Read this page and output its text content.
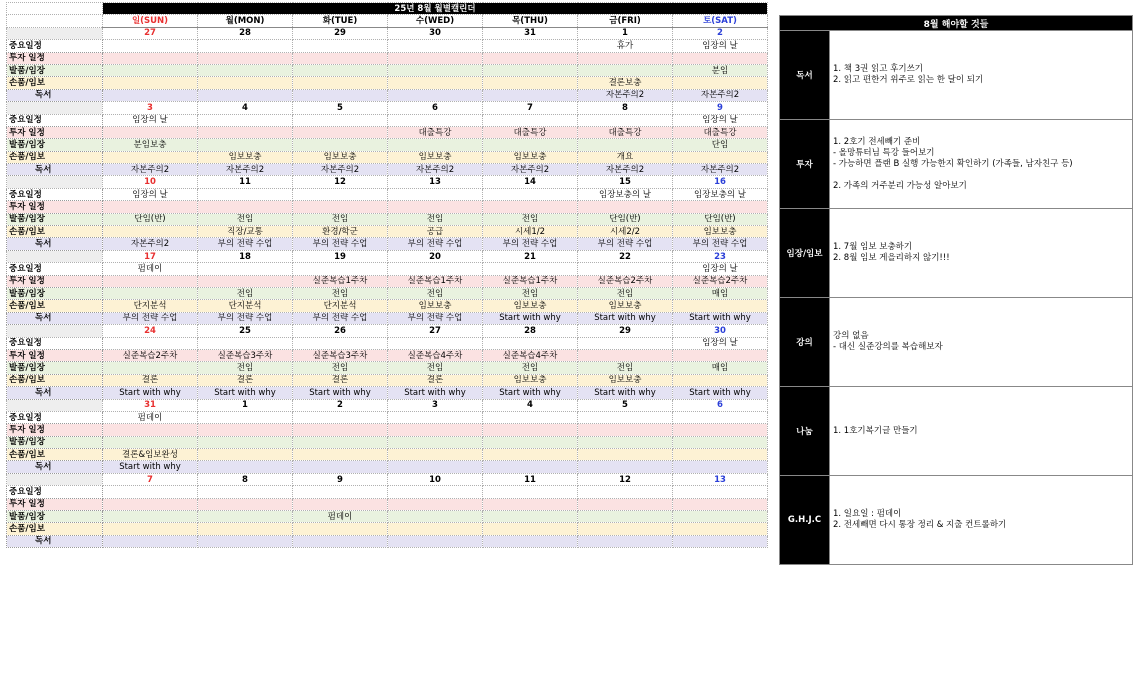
	25년 8월 월별캘린더						
	일(SUN)	월(MON)	화(TUE)	수(WED)	목(THU)	금(FRI)	토(SAT)
	27	28	29	30	31	1	2
중요일정						휴가	임장의 날
투자 일정							
발품/임장							분임
손품/임보						결론보충	
독서						자본주의2	자본주의2
	3	4	5	6	7	8	9
중요일정	임장의 날						임장의 날
투자 일정				대출특강	대출특강	대출특강	대출특강
발품/임장	분임보충						단임
손품/임보		임보보충	임보보충	임보보충	임보보충	개요	
독서	자본주의2	자본주의2	자본주의2	자본주의2	자본주의2	자본주의2	자본주의2
	10	11	12	13	14	15	16
중요일정	임장의 날					임장보충의 날	임장보충의 날
투자 일정							
발품/임장	단임(반)	전임	전임	전임	전임	단임(반)	단임(반)
손품/임보		직장/교통	환경/학군	공급	시세1/2	시세2/2	임보보충
독서	자본주의2	부의 전략 수업	부의 전략 수업	부의 전략 수업	부의 전략 수업	부의 전략 수업	부의 전략 수업
	17	18	19	20	21	22	23
중요일정	펌데이						임장의 날
투자 일정			실준복습1주차	실준복습1주차	실준복습1주차	실준복습2주차	실준복습2주차
발품/임장		전임	전임	전임	전임	전임	매임
손품/임보	단지분석	단지분석	단지분석	임보보충	임보보충	임보보충	
독서	부의 전략 수업	부의 전략 수업	부의 전략 수업	부의 전략 수업	Start with why	Start with why	Start with why
	24	25	26	27	28	29	30
중요일정							임장의 날
투자 일정	실준복습2주차	실준복습3주차	실준복습3주차	실준복습4주차	실준복습4주차		
발품/임장		전임	전임	전임	전임	전임	매임
손품/임보	결론	결론	결론	결론	임보보충	임보보충	
독서	Start with why	Start with why	Start with why	Start with why	Start with why	Start with why	Start with why
	31	1	2	3	4	5	6
중요일정	펌데이						
투자 일정							
발품/임장							
손품/임보	결론&임보완성						
독서	Start with why						
	7	8	9	10	11	12	13
중요일정							
투자 일정							
발품/임장			펌데이				
손품/임보							
독서							
8월 해야할 것들	
독서	1. 책 3권 읽고 후기쓰기
2. 읽고 편한거 위주로 읽는 한 달이 되기

투자	1. 2호기 전세빼기 준비
- 올망튜터님 특강 들어보기
- 가능하면 플랜 B 실행 가능한지 확인하기 (가족들, 남자친구 등)
2. 가족의 거주분리 가능성 알아보기

임장/임보	1. 7월 임보 보충하기
2. 8월 임보 게을리하지 않기!!!

강의	강의 없음
- 대신 실준강의를 복습해보자

나눔	1. 1호기복기글 만들기

G.H.J.C	1. 일요일 : 펌데이
2. 전세빼면 다시 통장 정리 & 지출 컨트롤하기
